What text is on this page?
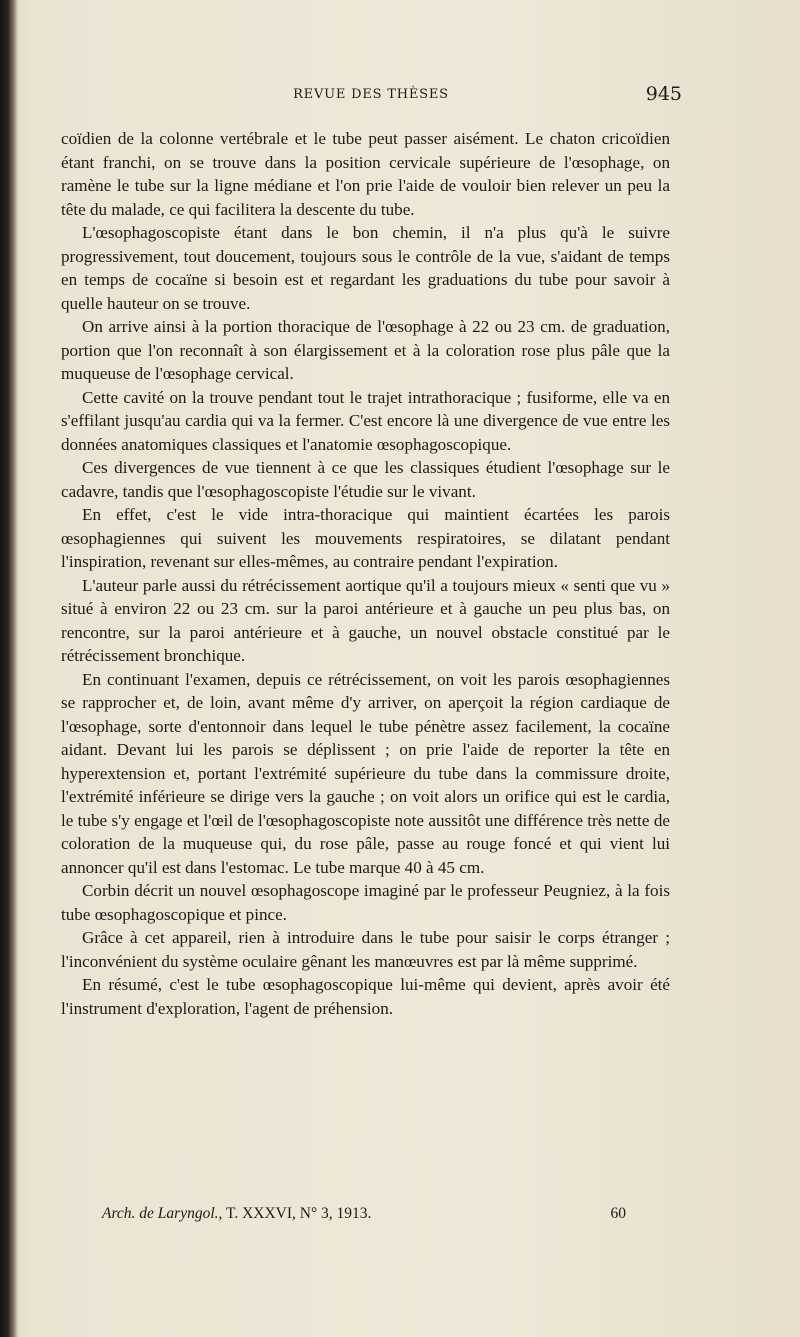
REVUE DES THÈSES	945

coïdien de la colonne vertébrale et le tube peut passer aisément. Le chaton cricoïdien étant franchi, on se trouve dans la position cervicale supérieure de l'œsophage, on ramène le tube sur la ligne médiane et l'on prie l'aide de vouloir bien relever un peu la tête du malade, ce qui facilitera la descente du tube.

L'œsophagoscopiste étant dans le bon chemin, il n'a plus qu'à le suivre progressivement, tout doucement, toujours sous le contrôle de la vue, s'aidant de temps en temps de cocaïne si besoin est et regardant les graduations du tube pour savoir à quelle hauteur on se trouve.

On arrive ainsi à la portion thoracique de l'œsophage à 22 ou 23 cm. de graduation, portion que l'on reconnaît à son élargissement et à la coloration rose plus pâle que la muqueuse de l'œsophage cervical.

Cette cavité on la trouve pendant tout le trajet intrathoracique ; fusiforme, elle va en s'effilant jusqu'au cardia qui va la fermer. C'est encore là une divergence de vue entre les données anatomiques classiques et l'anatomie œsophagoscopique.

Ces divergences de vue tiennent à ce que les classiques étudient l'œsophage sur le cadavre, tandis que l'œsophagoscopiste l'étudie sur le vivant.

En effet, c'est le vide intra-thoracique qui maintient écartées les parois œsophagiennes qui suivent les mouvements respiratoires, se dilatant pendant l'inspiration, revenant sur elles-mêmes, au contraire pendant l'expiration.

L'auteur parle aussi du rétrécissement aortique qu'il a toujours mieux « senti que vu » situé à environ 22 ou 23 cm. sur la paroi antérieure et à gauche un peu plus bas, on rencontre, sur la paroi antérieure et à gauche, un nouvel obstacle constitué par le rétrécissement bronchique.

En continuant l'examen, depuis ce rétrécissement, on voit les parois œsophagiennes se rapprocher et, de loin, avant même d'y arriver, on aperçoit la région cardiaque de l'œsophage, sorte d'entonnoir dans lequel le tube pénètre assez facilement, la cocaïne aidant. Devant lui les parois se déplissent ; on prie l'aide de reporter la tête en hyperextension et, portant l'extrémité supérieure du tube dans la commissure droite, l'extrémité inférieure se dirige vers la gauche ; on voit alors un orifice qui est le cardia, le tube s'y engage et l'œil de l'œsophagoscopiste note aussitôt une différence très nette de coloration de la muqueuse qui, du rose pâle, passe au rouge foncé et qui vient lui annoncer qu'il est dans l'estomac. Le tube marque 40 à 45 cm.

Corbin décrit un nouvel œsophagoscope imaginé par le professeur Peugniez, à la fois tube œsophagoscopique et pince.

Grâce à cet appareil, rien à introduire dans le tube pour saisir le corps étranger ; l'inconvénient du système oculaire gênant les manœuvres est par là même supprimé.

En résumé, c'est le tube œsophagoscopique lui-même qui devient, après avoir été l'instrument d'exploration, l'agent de préhension.

Arch. de Laryngol., T. XXXVI, N° 3, 1913.	60
